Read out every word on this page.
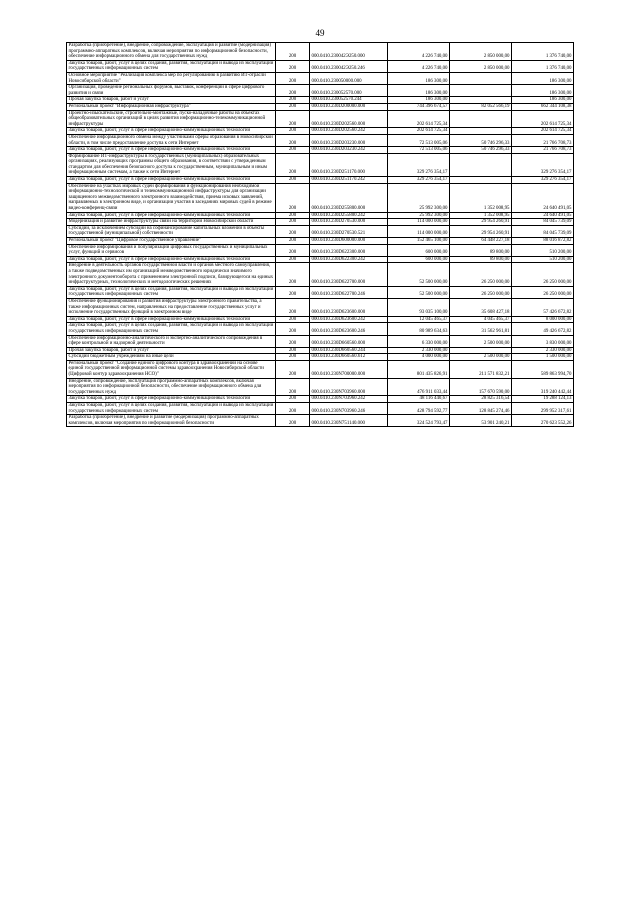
49
Разработка (приобретение), внедрение, сопровождение, эксплуатация и развитие (модернизация) программно-аппаратных комплексов, включая мероприятия по информационной безопасности, обеспечение информационного обмена для государственных нужд	200	000.0410.230042Э250.000	4 226 740,00	2 850 000,00	1 376 740,00
Закупка товаров, работ, услуг в целях создания, развития, эксплуатации и вывода из эксплуатации государственных информационных систем	200	000.0410.230042Э250.246	4 226 740,00	2 850 000,00	1 376 740,00
Основное мероприятие "Реализация комплекса мер по регулированию в развитию ИТ-отрасли Новосибирской области"	200	000.0410.230050000.000	186 300,00		186 300,00
Организация, проведение региональных форумов, выставок, конференций в сфере цифрового развития и связи	200	000.0410.230052570.000	186 300,00		186 300,00
Прочая закупка товаров, работ и услуг	200	000.0410.230052570.244	186 300,00		186 300,00
Региональный проект "Информационная инфраструктура"	200	000.0410.230D200000.000	744 396 674,57	82 052 566,19	662 344 108,38
Проектно-изыскательские, строительно-монтажные, пуско-наладочные работы на объектах общеобразовательных организаций в целях развития информационно-телекоммуникационной инфраструктуры	200	000.0410.230D202560.000	202 614 725,34		202 614 725,34
Закупка товаров, работ, услуг в сфере информационно-коммуникационных технологий	200	000.0410.230D202560.242	202 614 725,34		202 614 725,34
Обеспечение информационного обмена между участниками сферы образования в Новосибирской области, в том числе предоставление доступа к сети Интернет	200	000.0410.230D203230.000	72 513 005,06	50 746 296,33	21 766 708,73
Закупка товаров, работ, услуг в сфере информационно-коммуникационных технологий	200	000.0410.230D203230.242	72 513 005,06	50 746 296,33	21 766 708,73
Формирование ИТ-инфраструктуры в государственных (муниципальных) образовательных организациях, реализующих программы общего образования, в соответствии с утвержденным стандартом для обеспечения безопасного доступа к государственным, муниципальным и иным информационным системам, а также к сети Интернет	200	000.0410.230D251170.000	329 276 354,17		329 276 354,17
Закупка товаров, работ, услуг в сфере информационно-коммуникационных технологий	200	000.0410.230D251170.242	329 276 354,17		329 276 354,17
Обеспечение на участках мировых судей формирования и функционирования необходимой информационно-технологической и телекоммуникационной инфраструктуры для организации защищенного межведомственного электронного взаимодействия, приема исковых заявлений, направляемых в электронном виде, и организации участия в заседаниях мировых судей в режиме видео-конференц-связи	200	000.0410.230D255800.000	25 992 300,00	1 352 008,95	24 640 491,05
Закупка товаров, работ, услуг в сфере информационно-коммуникационных технологий	200	000.0410.230D255800.242	25 992 300,00	1 352 008,95	24 640 491,05
Модернизация и развитие инфраструктуры связи на территории Новосибирской области	200	000.0410.230D270530.000	114 000 000,00	29 954 260,91	84 045 739,09
Субсидии, за исключением субсидий на софинансирование капитальных вложений в объекты государственной (муниципальной) собственности	200	000.0410.230D270530.521	114 000 000,00	29 954 260,91	84 045 739,09
Региональный проект "Цифровое государственное управление"	200	000.0410.230D600000.000	152 465 100,00	64 448 227,18	88 016 872,82
Обеспечение информирования и популяризации цифровых государственных и муниципальных услуг, функций и сервисов	200	000.0410.230D622300.000	600 000,00	89 800,00	510 200,00
Закупка товаров, работ, услуг в сфере информационно-коммуникационных технологий	200	000.0410.230D622300.242	600 000,00	89 800,00	510 200,00
Внедрение в деятельность органов государственной власти и органов местного самоуправления, а также подведомственных им организаций межведомственного юридически значимого электронного документооборота с применением электронной подписи, базирующегося на единых инфраструктурных, технологических и методологических решениях	200	000.0410.230D622700.000	52 500 000,00	26 250 000,00	26 250 000,00
Закупка товаров, работ, услуг в целях создания, развития, эксплуатации и вывода из эксплуатации государственных информационных систем	200	000.0410.230D622700.246	52 500 000,00	26 250 000,00	26 250 000,00
Обеспечение функционирования и развития инфраструктуры электронного правительства, а также информационных систем, направленных на предоставление государственных услуг и исполнение государственных функций в электронном виде	200	000.0410.230D623600.000	93 035 100,00	35 608 427,18	57 426 672,82
Закупка товаров, работ, услуг в сфере информационно-коммуникационных технологий	200	000.0410.230D623600.242	12 045 465,37	4 045 465,37	8 000 000,00
Закупка товаров, работ, услуг в целях создания, развития, эксплуатации и вывода из эксплуатации государственных информационных систем	200	000.0410.230D623600.246	80 989 634,63	31 562 961,81	49 426 672,82
Обеспечение информационно-аналитического и экспертно-аналитического сопровождения в сфере контрольной и надзорной деятельности	200	000.0410.230D660560.000	6 330 000,00	2 500 000,00	3 830 000,00
Прочая закупка товаров, работ и услуг	200	000.0410.230D660560.244	2 330 000,00		2 330 000,00
Субсидии бюджетным учреждениям на иные цели	200	000.0410.230D660560.612	4 000 000,00	2 500 000,00	1 500 000,00
Региональный проект "Создание единого цифрового контура в здравоохранении на основе единой государственной информационной системы здравоохранения Новосибирской области (Цифровой контур здравоохранения НСО)"	200	000.0410.230N700000.000	801 435 826,91	211 571 832,21	589 863 994,70
Внедрение, сопровождение, эксплуатация программно-аппаратных комплексов, включая мероприятия по информационной безопасности, обеспечение информационного обмена для государственных нужд	200	000.0410.230N703960.000	476 911 033,44	157 670 590,00	319 240 442,44
Закупка товаров, работ, услуг в сфере информационно-коммуникационных технологий	200	000.0410.230N703960.242	48 116 440,67	28 825 316,54	19 288 124,13
Закупка товаров, работ, услуг в целях создания, развития, эксплуатации и вывода из эксплуатации государственных информационных систем	200	000.0410.230N703960.246	428 794 592,77	128 845 274,46	299 952 317,61
Разработка (приобретение), внедрение и развитие (модернизация) программно-аппаратных комплексов, включая мероприятия по информационной безопасности	200	000.0410.230N751140.000	324 524 793,47	53 901 240,21	270 623 552,26
